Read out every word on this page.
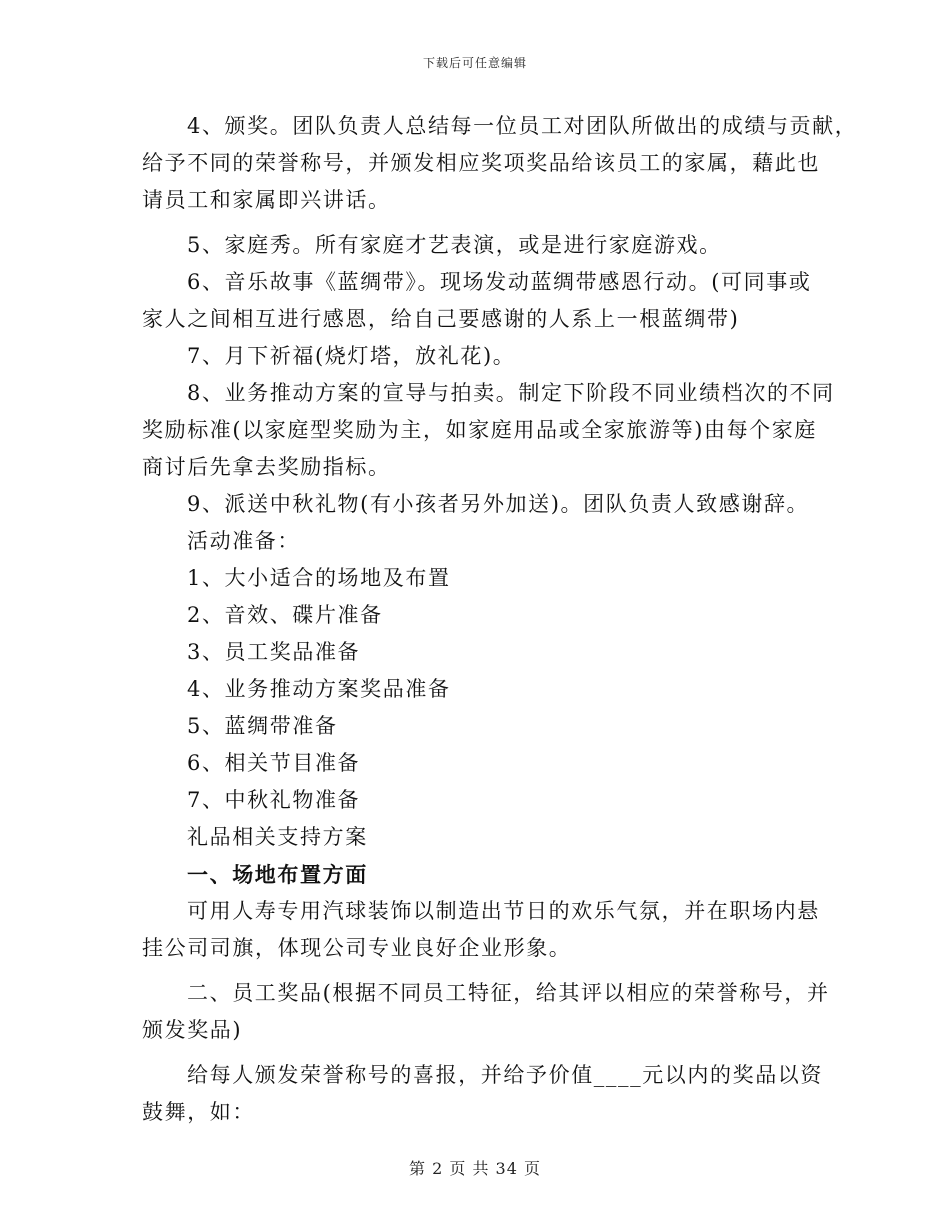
下载后可任意编辑
4、颁奖。团队负责人总结每一位员工对团队所做出的成绩与贡献，
给予不同的荣誉称号，并颁发相应奖项奖品给该员工的家属，藉此也
请员工和家属即兴讲话。
5、家庭秀。所有家庭才艺表演，或是进行家庭游戏。
6、音乐故事《蓝绸带》。现场发动蓝绸带感恩行动。(可同事或
家人之间相互进行感恩，给自己要感谢的人系上一根蓝绸带)
7、月下祈福(烧灯塔，放礼花)。
8、业务推动方案的宣导与拍卖。制定下阶段不同业绩档次的不同
奖励标准(以家庭型奖励为主，如家庭用品或全家旅游等)由每个家庭
商讨后先拿去奖励指标。
9、派送中秋礼物(有小孩者另外加送)。团队负责人致感谢辞。
活动准备：
1、大小适合的场地及布置
2、音效、碟片准备
3、员工奖品准备
4、业务推动方案奖品准备
5、蓝绸带准备
6、相关节目准备
7、中秋礼物准备
礼品相关支持方案
一、场地布置方面
可用人寿专用汽球装饰以制造出节日的欢乐气氛，并在职场内悬
挂公司司旗，体现公司专业良好企业形象。
二、员工奖品(根据不同员工特征，给其评以相应的荣誉称号，并
颁发奖品)
给每人颁发荣誉称号的喜报，并给予价值____元以内的奖品以资
鼓舞，如：
第 2 页 共 34 页
